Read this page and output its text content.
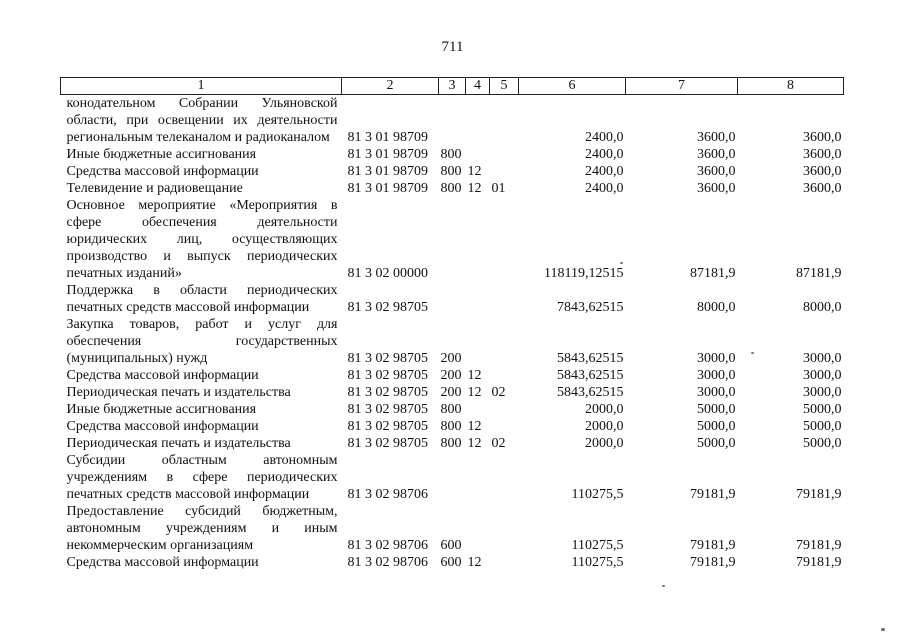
711
1	2	3	4	5	6	7	8
конодательном Собрании Ульяновской области, при освещении их деятельности региональным телеканалом и радиоканалом	81 3 01 98709				2400,0	3600,0	3600,0
Иные бюджетные ассигнования	81 3 01 98709	800			2400,0	3600,0	3600,0
Средства массовой информации	81 3 01 98709	800	12		2400,0	3600,0	3600,0
Телевидение и радиовещание	81 3 01 98709	800	12	01	2400,0	3600,0	3600,0
Основное мероприятие «Мероприятия в сфере обеспечения деятельности юридических лиц, осуществляющих производство и выпуск периодических печатных изданий»	81 3 02 00000				118119,12515	87181,9	87181,9
Поддержка в области периодических печатных средств массовой информации	81 3 02 98705				7843,62515	8000,0	8000,0
Закупка товаров, работ и услуг для обеспечения государственных (муниципальных) нужд	81 3 02 98705	200			5843,62515	3000,0	3000,0
Средства массовой информации	81 3 02 98705	200	12		5843,62515	3000,0	3000,0
Периодическая печать и издательства	81 3 02 98705	200	12	02	5843,62515	3000,0	3000,0
Иные бюджетные ассигнования	81 3 02 98705	800			2000,0	5000,0	5000,0
Средства массовой информации	81 3 02 98705	800	12		2000,0	5000,0	5000,0
Периодическая печать и издательства	81 3 02 98705	800	12	02	2000,0	5000,0	5000,0
Субсидии областным автономным учреждениям в сфере периодических печатных средств массовой информации	81 3 02 98706				110275,5	79181,9	79181,9
Предоставление субсидий бюджетным, автономным учреждениям и иным некоммерческим организациям	81 3 02 98706	600			110275,5	79181,9	79181,9
Средства массовой информации	81 3 02 98706	600	12		110275,5	79181,9	79181,9
